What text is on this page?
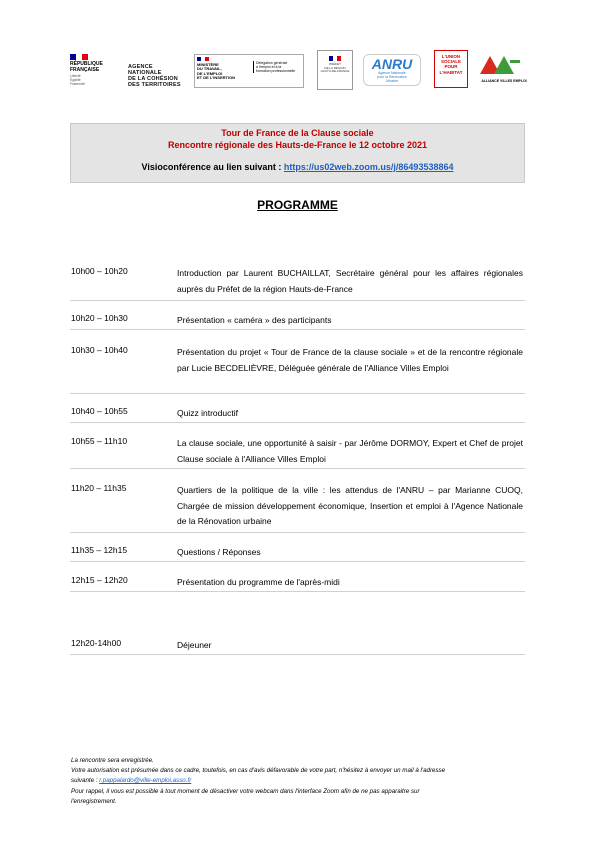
RÉPUBLIQUE
FRANÇAISE
Liberté
Égalité
Fraternité
AGENCE
NATIONALE
DE LA COHÉSION
DES TERRITOIRES
MINISTÈRE
DU TRAVAIL,
DE L'EMPLOI
ET DE L'INSERTION
Délégation générale
à l'emploi et à la
formation professionnelle
PRÉFET
DE LA RÉGION
HAUTS-DE-FRANCE	ANRU
Agence Nationale
pour la Rénovation
Urbaine
L'UNION
SOCIALE
POUR
L'HABITAT
ALLIANCE VILLES EMPLOI
Tour de France de la Clause sociale
Rencontre régionale des Hauts-de-France le 12 octobre 2021
Visioconférence au lien suivant : https://us02web.zoom.us/j/86493538864
PROGRAMME
10h00 – 10h20	Introduction par Laurent BUCHAILLAT, Secrétaire général pour les affaires régionales auprès du Préfet de la région Hauts-de-France
10h20 – 10h30	Présentation « caméra » des participants
10h30 – 10h40	Présentation du projet « Tour de France de la clause sociale » et de la rencontre régionale par Lucie BECDELIÈVRE, Déléguée générale de l'Alliance Villes Emploi
10h40 – 10h55	Quizz introductif
10h55 – 11h10	La clause sociale, une opportunité à saisir - par Jérôme DORMOY, Expert et Chef de projet Clause sociale à l'Alliance Villes Emploi
11h20 – 11h35	Quartiers de la politique de la ville : les attendus de l'ANRU – par Marianne CUOQ, Chargée de mission développement économique, Insertion et emploi à l'Agence Nationale de la Rénovation urbaine
11h35 – 12h15	Questions / Réponses
12h15 – 12h20	Présentation du programme de l'après-midi
12h20-14h00	Déjeuner
La rencontre sera enregistrée.
Votre autorisation est présumée dans ce cadre, toutefois, en cas d'avis défavorable de votre part, n'hésitez à envoyer un mail à l'adresse
suivante : r.pappalardo@ville-emploi.asso.fr
Pour rappel, il vous est possible à tout moment de désactiver votre webcam dans l'interface Zoom afin de ne pas apparaitre sur
l'enregistrement.
